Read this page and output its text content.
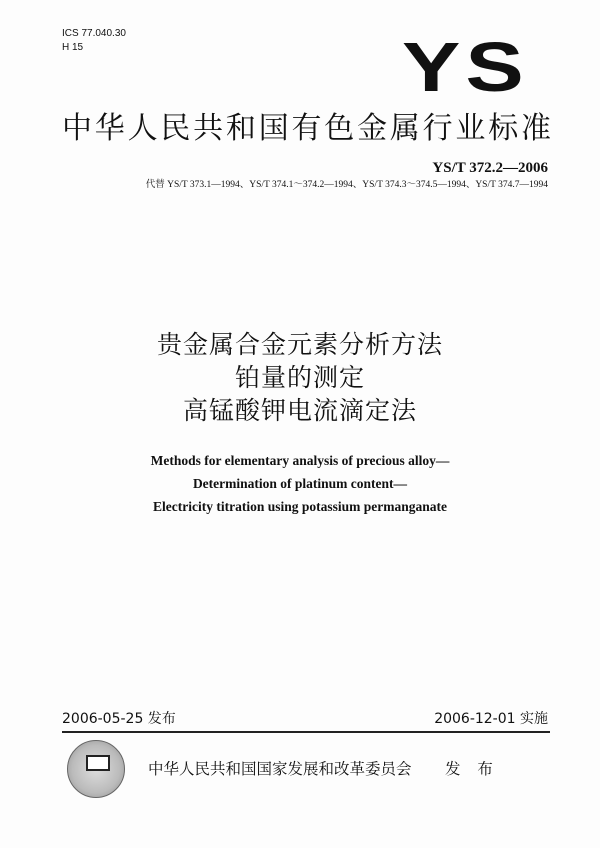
ICS 77.040.30
H 15	YS
中华人民共和国有色金属行业标准
YS/T 372.2—2006
代替 YS/T 373.1—1994、YS/T 374.1～374.2—1994、YS/T 374.3～374.5—1994、YS/T 374.7—1994
贵金属合金元素分析方法
铂量的测定
高锰酸钾电流滴定法
Methods for elementary analysis of precious alloy—
Determination of platinum content—
Electricity titration using potassium permanganate
2006-05-25 发布	2006-12-01 实施
中华人民共和国国家发展和改革委员会 发 布
